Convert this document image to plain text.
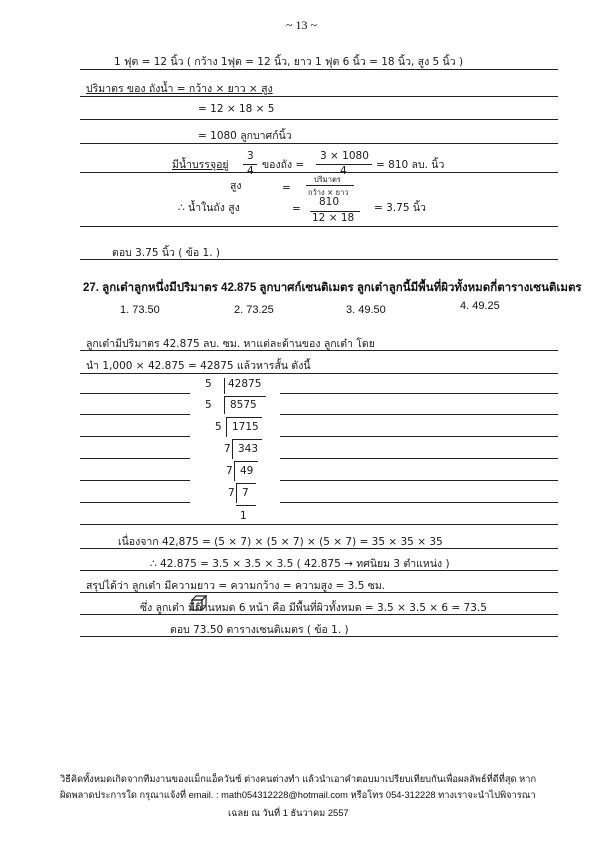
~ 13 ~
1 ฟุต = 12 นิ้ว ( กว้าง 1ฟุต = 12 นิ้ว, ยาว 1 ฟุต 6 นิ้ว = 18 นิ้ว, สูง 5 นิ้ว )
ปริมาตร ของ ถังน้ำ = กว้าง × ยาว × สูง
= 12 × 18 × 5
= 1080 ลูกบาศก์นิ้ว
มีน้ำบรรจุอยู่
3
4 ของถัง =
3 × 1080
4	= 810 ลบ. นิ้ว
สูง	=
ปริมาตร
กว้าง × ยาว
∴ น้ำในถัง สูง	=
810
12 × 18
= 3.75 นิ้ว
ตอบ 3.75 นิ้ว ( ข้อ 1. )
27. ลูกเต๋าลูกหนึ่งมีปริมาตร 42.875 ลูกบาศก์เซนติเมตร ลูกเต๋าลูกนี้มีพื้นที่ผิวทั้งหมดกี่ตารางเซนติเมตร
1. 73.50	2. 73.25	3. 49.50	4. 49.25
ลูกเต๋ามีปริมาตร 42.875 ลบ. ซม. หาแต่ละด้านของ ลูกเต๋า โดย
นำ 1,000 × 42.875 = 42875 แล้วหารสั้น ดังนี้
5 42875
5 8575
5 1715
7 343
7 49
7 7
1
เนื่องจาก 42,875 = (5 × 7) × (5 × 7) × (5 × 7) = 35 × 35 × 35
∴ 42.875 = 3.5 × 3.5 × 3.5 ( 42.875 → ทศนิยม 3 ตำแหน่ง )
สรุปได้ว่า ลูกเต๋า มีความยาว = ความกว้าง = ความสูง = 3.5 ซม.
ซึ่ง ลูกเต๋า มีด้านหมด 6 หน้า คือ มีพื้นที่ผิวทั้งหมด = 3.5 × 3.5 × 6 = 73.5
ตอบ 73.50 ตารางเซนติเมตร ( ข้อ 1. )
วิธีคิดทั้งหมดเกิดจากทีมงานของแม็กแอ็ควันซ์ ต่างคนต่างทำ แล้วนำเอาคำตอบมาเปรียบเทียบกันเพื่อผลลัพธ์ที่ดีที่สุด หาก
ผิดพลาดประการใด กรุณาแจ้งที่ email. : math054312228@hotmail.com หรือโทร 054-312228 ทางเราจะนำไปพิจารณา
เฉลย ณ วันที่ 1 ธันวาคม 2557
